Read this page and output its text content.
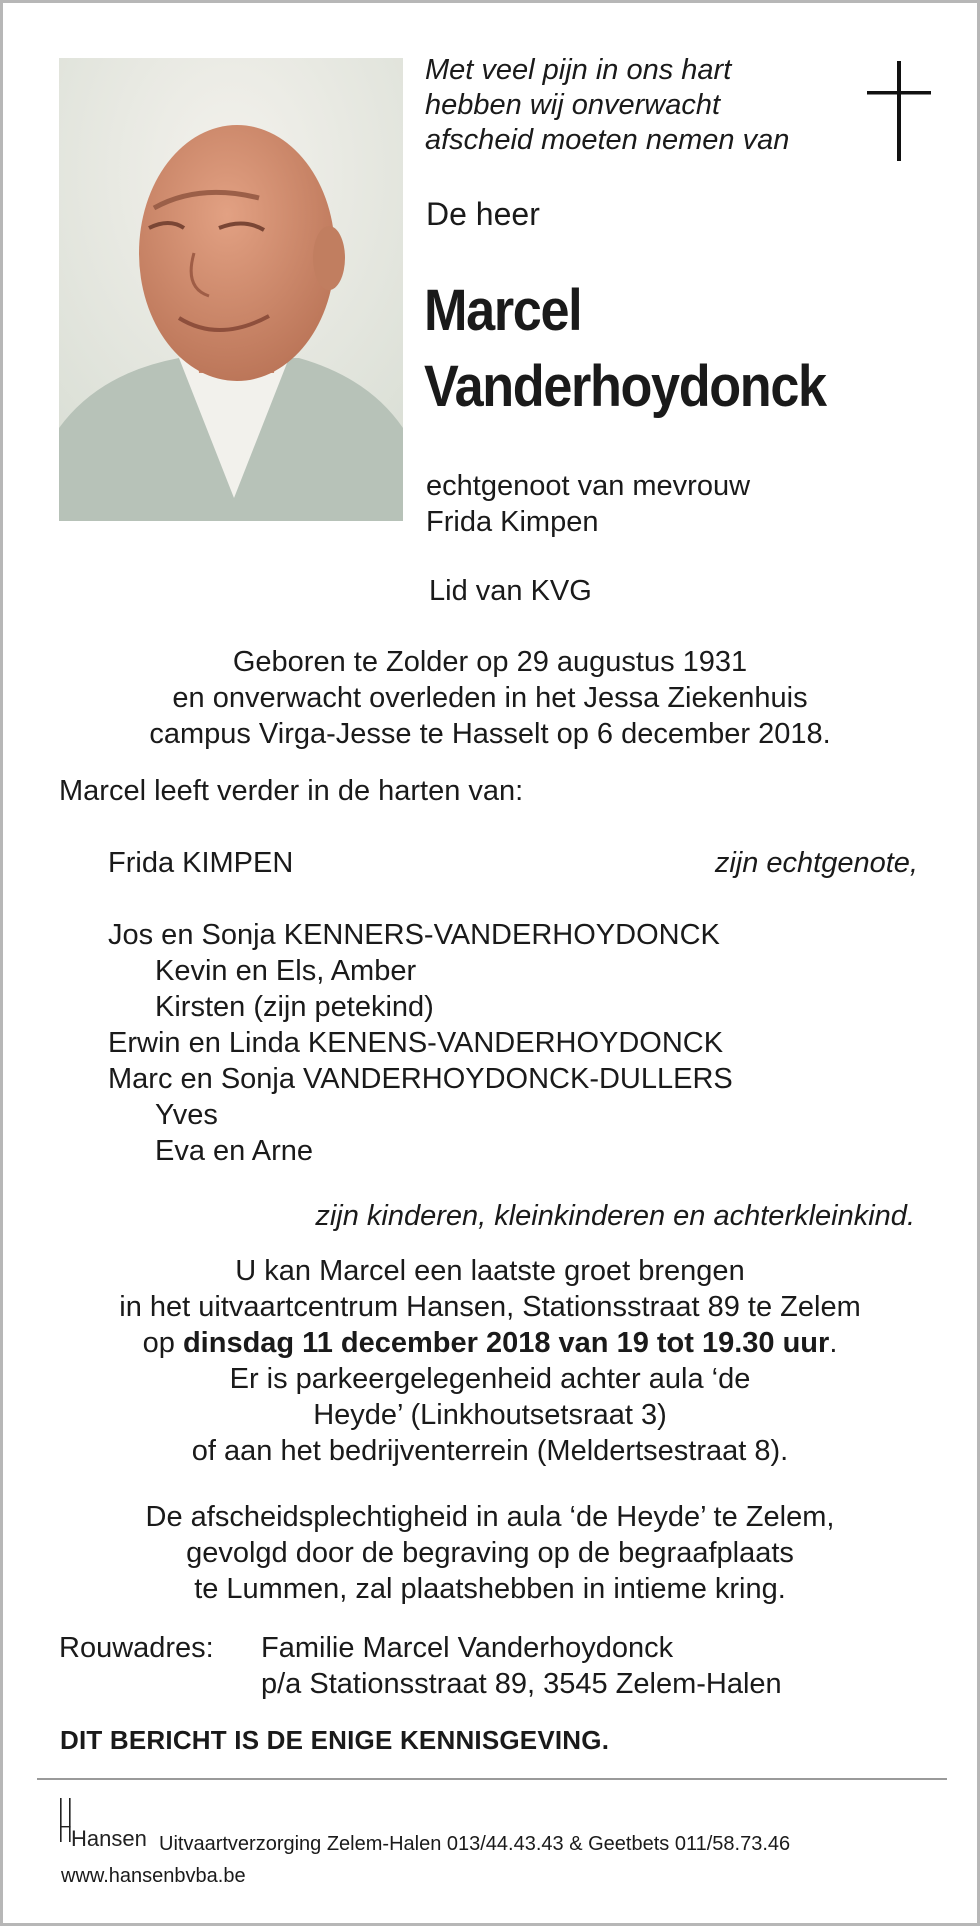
Met veel pijn in ons hart
hebben wij onverwacht
afscheid moeten nemen van
De heer
Marcel
Vanderhoydonck
echtgenoot van mevrouw
Frida Kimpen
Lid van KVG
Geboren te Zolder op 29 augustus 1931
en onverwacht overleden in het Jessa Ziekenhuis
campus Virga-Jesse te Hasselt op 6 december 2018.
Marcel leeft verder in de harten van:
Frida KIMPEN	zijn echtgenote,
Jos en Sonja KENNERS-VANDERHOYDONCK
Kevin en Els, Amber
Kirsten (zijn petekind)
Erwin en Linda KENENS-VANDERHOYDONCK
Marc en Sonja VANDERHOYDONCK-DULLERS
Yves
Eva en Arne
zijn kinderen, kleinkinderen en achterkleinkind.
U kan Marcel een laatste groet brengen
in het uitvaartcentrum Hansen, Stationsstraat 89 te Zelem
op dinsdag 11 december 2018 van 19 tot 19.30 uur.
Er is parkeergelegenheid achter aula ‘de
Heyde’ (Linkhoutsetsraat 3)
of aan het bedrijventerrein (Meldertsestraat 8).
De afscheidsplechtigheid in aula ‘de Heyde’ te Zelem,
gevolgd door de begraving op de begraafplaats
te Lummen, zal plaatshebben in intieme kring.
Rouwadres: Familie Marcel Vanderhoydonck
p/a Stationsstraat 89, 3545 Zelem-Halen
DIT BERICHT IS DE ENIGE KENNISGEVING.
Hansen Uitvaartverzorging Zelem-Halen 013/44.43.43 & Geetbets 011/58.73.46
www.hansenbvba.be
